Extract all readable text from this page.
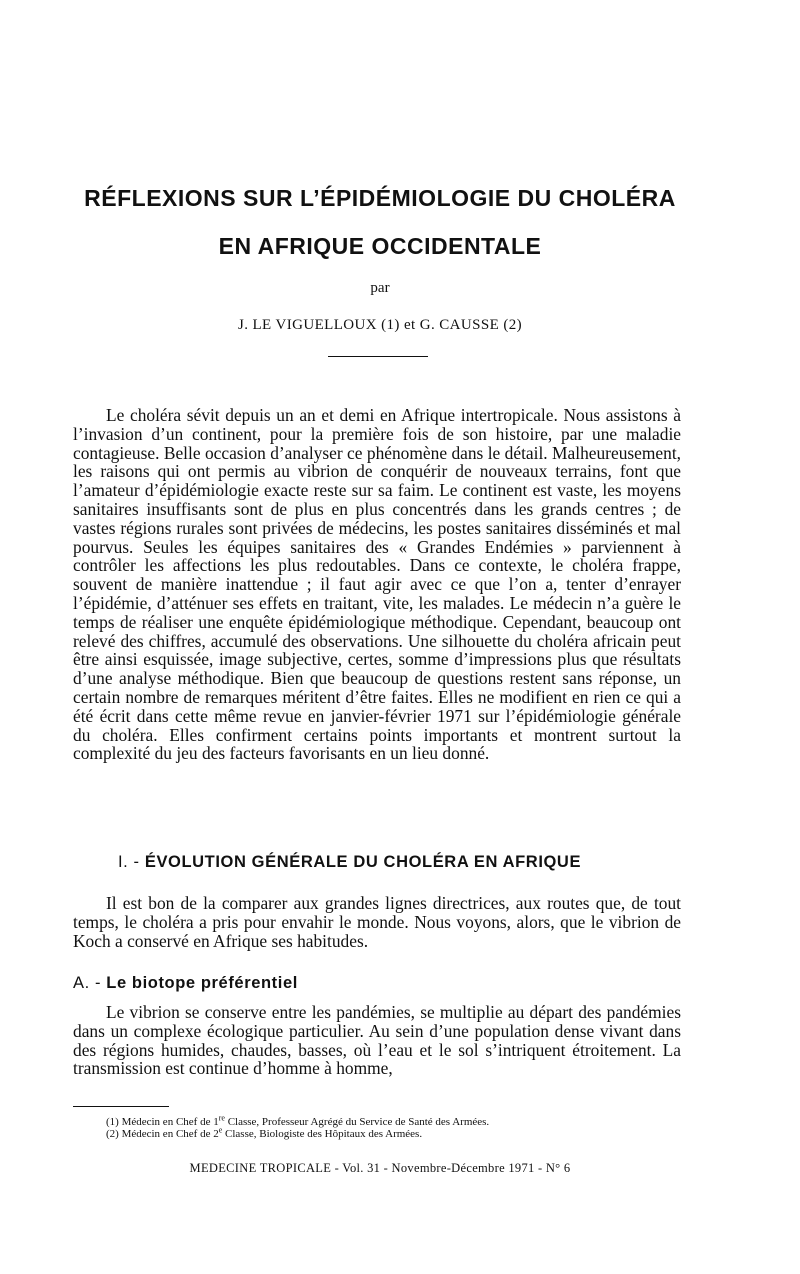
RÉFLEXIONS SUR L’ÉPIDÉMIOLOGIE DU CHOLÉRA
EN AFRIQUE OCCIDENTALE

par

J. LE VIGUELLOUX (1) et G. CAUSSE (2)

Le choléra sévit depuis un an et demi en Afrique intertropicale. Nous assistons à l’invasion d’un continent, pour la première fois de son histoire, par une maladie contagieuse. Belle occasion d’analyser ce phénomène dans le détail. Malheureusement, les raisons qui ont permis au vibrion de conquérir de nouveaux terrains, font que l’amateur d’épidémiologie exacte reste sur sa faim. Le continent est vaste, les moyens sanitaires insuffisants sont de plus en plus concentrés dans les grands centres ; de vastes régions rurales sont privées de médecins, les postes sanitaires disséminés et mal pourvus. Seules les équipes sanitaires des « Grandes Endémies » parviennent à contrôler les affections les plus redoutables. Dans ce contexte, le choléra frappe, souvent de manière inattendue ; il faut agir avec ce que l’on a, tenter d’enrayer l’épidémie, d’atténuer ses effets en traitant, vite, les malades. Le médecin n’a guère le temps de réaliser une enquête épidémiologique méthodique. Cependant, beaucoup ont relevé des chiffres, accumulé des observations. Une silhouette du choléra africain peut être ainsi esquissée, image subjective, certes, somme d’impressions plus que résultats d’une analyse méthodique. Bien que beaucoup de questions restent sans réponse, un certain nombre de remarques méritent d’être faites. Elles ne modifient en rien ce qui a été écrit dans cette même revue en janvier-février 1971 sur l’épidémiologie générale du choléra. Elles confirment certains points importants et montrent surtout la complexité du jeu des facteurs favorisants en un lieu donné.

I. - ÉVOLUTION GÉNÉRALE DU CHOLÉRA EN AFRIQUE

Il est bon de la comparer aux grandes lignes directrices, aux routes que, de tout temps, le choléra a pris pour envahir le monde. Nous voyons, alors, que le vibrion de Koch a conservé en Afrique ses habitudes.

A. - Le biotope préférentiel

Le vibrion se conserve entre les pandémies, se multiplie au départ des pandémies dans un complexe écologique particulier. Au sein d’une population dense vivant dans des régions humides, chaudes, basses, où l’eau et le sol s’intriquent étroitement. La transmission est continue d’homme à homme,

(1) Médecin en Chef de 1re Classe, Professeur Agrégé du Service de Santé des Armées.

(2) Médecin en Chef de 2e Classe, Biologiste des Hôpitaux des Armées.

MEDECINE TROPICALE - Vol. 31 - Novembre-Décembre 1971 - N° 6
